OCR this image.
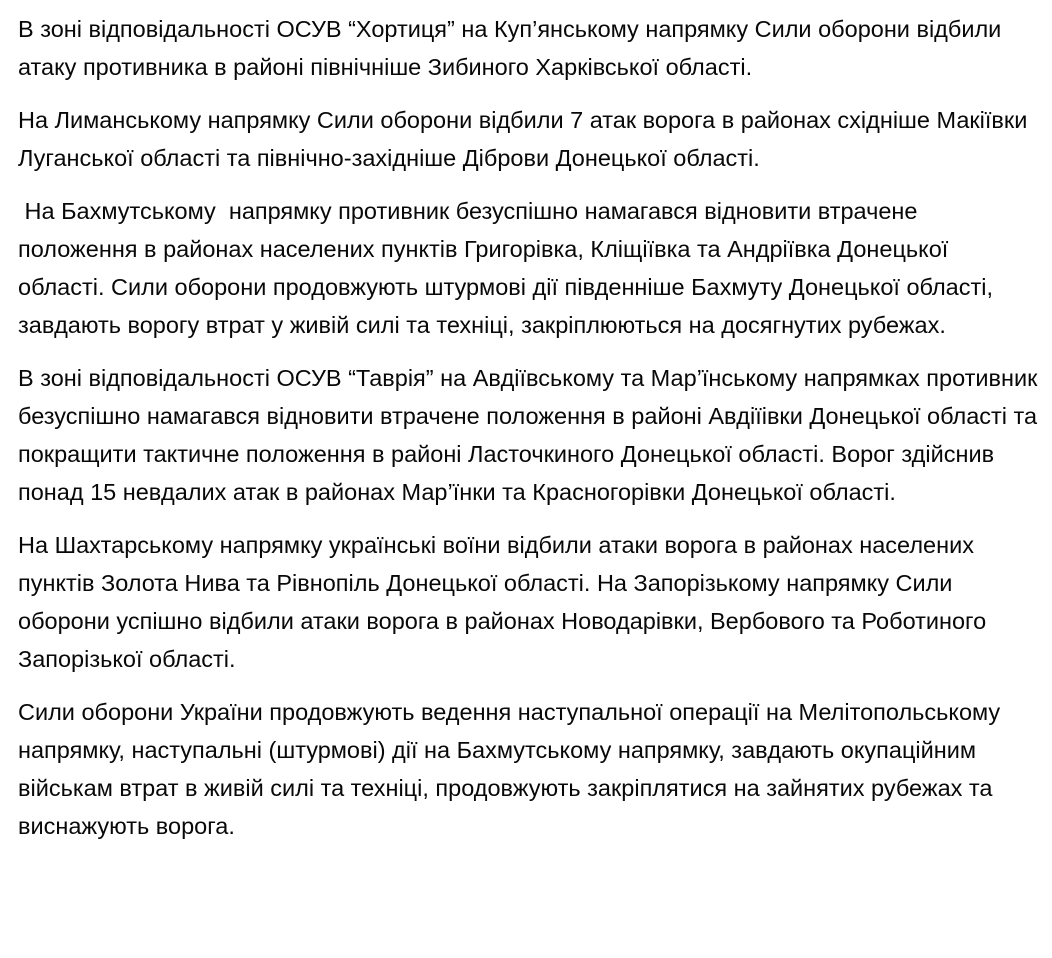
В зоні відповідальності ОСУВ “Хортиця” на Куп’янському напрямку Сили оборони відбили атаку противника в районі північніше Зибиного Харківської області.

На Лиманському напрямку Сили оборони відбили 7 атак ворога в районах східніше Макіївки Луганської області та північно-західніше Діброви Донецької області.

На Бахмутському  напрямку противник безуспішно намагався відновити втрачене положення в районах населених пунктів Григорівка, Кліщіївка та Андріївка Донецької області. Сили оборони продовжують штурмові дії південніше Бахмуту Донецької області, завдають ворогу втрат у живій силі та техніці, закріплюються на досягнутих рубежах.

В зоні відповідальності ОСУВ “Таврія” на Авдіївському та Мар’їнському напрямках противник безуспішно намагався відновити втрачене положення в районі Авдіїівки Донецької області та покращити тактичне положення в районі Ласточкиного Донецької області. Ворог здійснив понад 15 невдалих атак в районах Мар’їнки та Красногорівки Донецької області.

На Шахтарському напрямку українські воїни відбили атаки ворога в районах населених пунктів Золота Нива та Рівнопіль Донецької області. На Запорізькому напрямку Сили оборони успішно відбили атаки ворога в районах Новодарівки, Вербового та Роботиного Запорізької області.

Сили оборони України продовжують ведення наступальної операції на Мелітопольському напрямку, наступальні (штурмові) дії на Бахмутському напрямку, завдають окупаційним військам втрат в живій силі та техніці, продовжують закріплятися на зайнятих рубежах та виснажують ворога.
